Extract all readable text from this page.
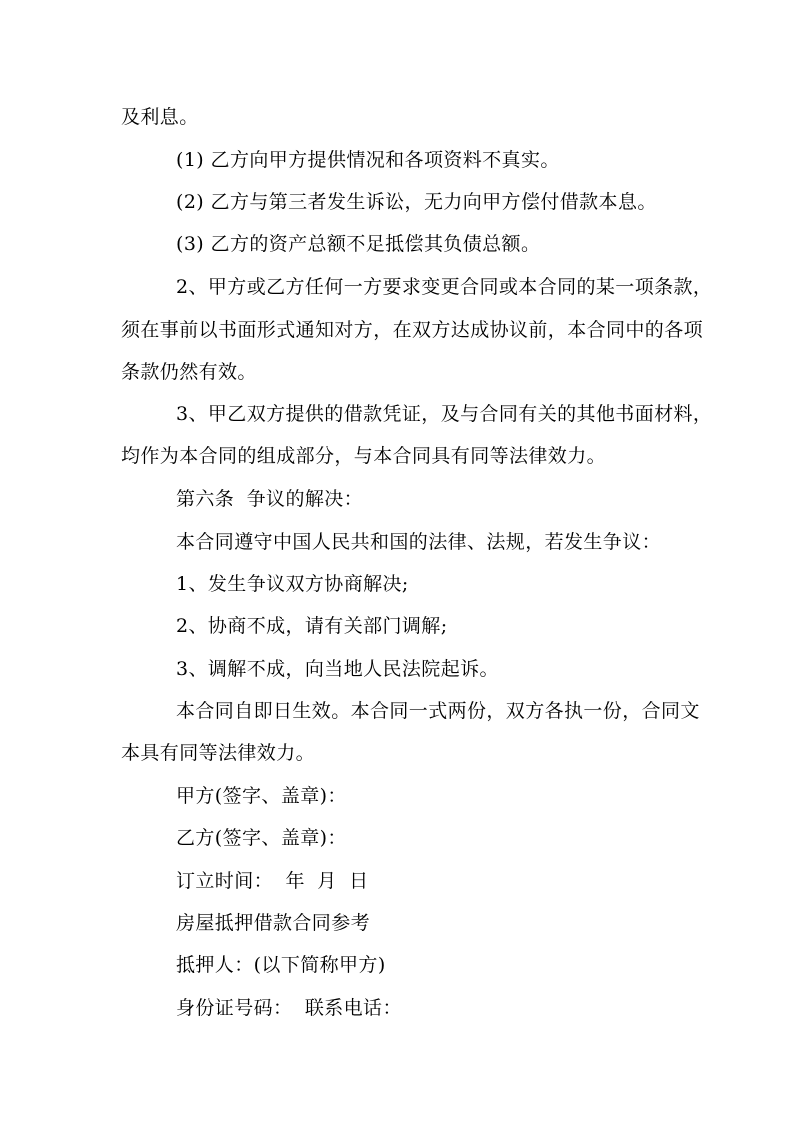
及利息。
(1) 乙方向甲方提供情况和各项资料不真实。
(2) 乙方与第三者发生诉讼，无力向甲方偿付借款本息。
(3) 乙方的资产总额不足抵偿其负债总额。
2、甲方或乙方任何一方要求变更合同或本合同的某一项条款，
须在事前以书面形式通知对方，在双方达成协议前，本合同中的各项
条款仍然有效。
3、甲乙双方提供的借款凭证，及与合同有关的其他书面材料，
均作为本合同的组成部分，与本合同具有同等法律效力。
第六条 争议的解决：
本合同遵守中国人民共和国的法律、法规，若发生争议：
1、发生争议双方协商解决;
2、协商不成，请有关部门调解;
3、调解不成，向当地人民法院起诉。
本合同自即日生效。本合同一式两份，双方各执一份，合同文
本具有同等法律效力。
甲方(签字、盖章)：
乙方(签字、盖章)：
订立时间： 年 月 日
房屋抵押借款合同参考
抵押人：(以下简称甲方)
身份证号码： 联系电话：
